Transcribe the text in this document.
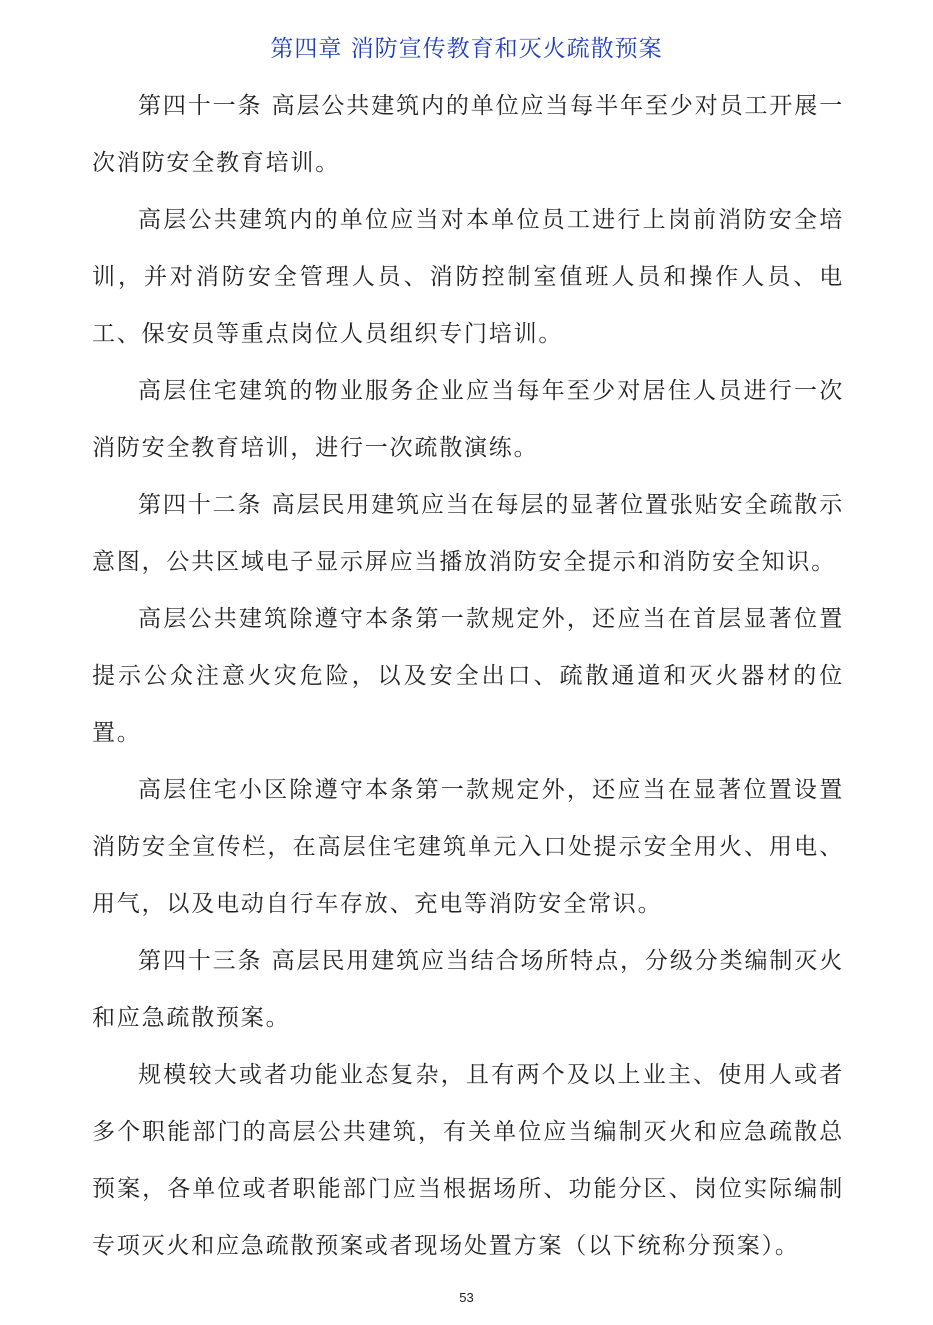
第四章 消防宣传教育和灭火疏散预案

第四十一条 高层公共建筑内的单位应当每半年至少对员工开展一次消防安全教育培训。

高层公共建筑内的单位应当对本单位员工进行上岗前消防安全培训，并对消防安全管理人员、消防控制室值班人员和操作人员、电工、保安员等重点岗位人员组织专门培训。

高层住宅建筑的物业服务企业应当每年至少对居住人员进行一次消防安全教育培训，进行一次疏散演练。

第四十二条 高层民用建筑应当在每层的显著位置张贴安全疏散示意图，公共区域电子显示屏应当播放消防安全提示和消防安全知识。

高层公共建筑除遵守本条第一款规定外，还应当在首层显著位置提示公众注意火灾危险，以及安全出口、疏散通道和灭火器材的位置。

高层住宅小区除遵守本条第一款规定外，还应当在显著位置设置消防安全宣传栏，在高层住宅建筑单元入口处提示安全用火、用电、用气，以及电动自行车存放、充电等消防安全常识。

第四十三条 高层民用建筑应当结合场所特点，分级分类编制灭火和应急疏散预案。

规模较大或者功能业态复杂，且有两个及以上业主、使用人或者多个职能部门的高层公共建筑，有关单位应当编制灭火和应急疏散总预案，各单位或者职能部门应当根据场所、功能分区、岗位实际编制专项灭火和应急疏散预案或者现场处置方案（以下统称分预案）。

53
